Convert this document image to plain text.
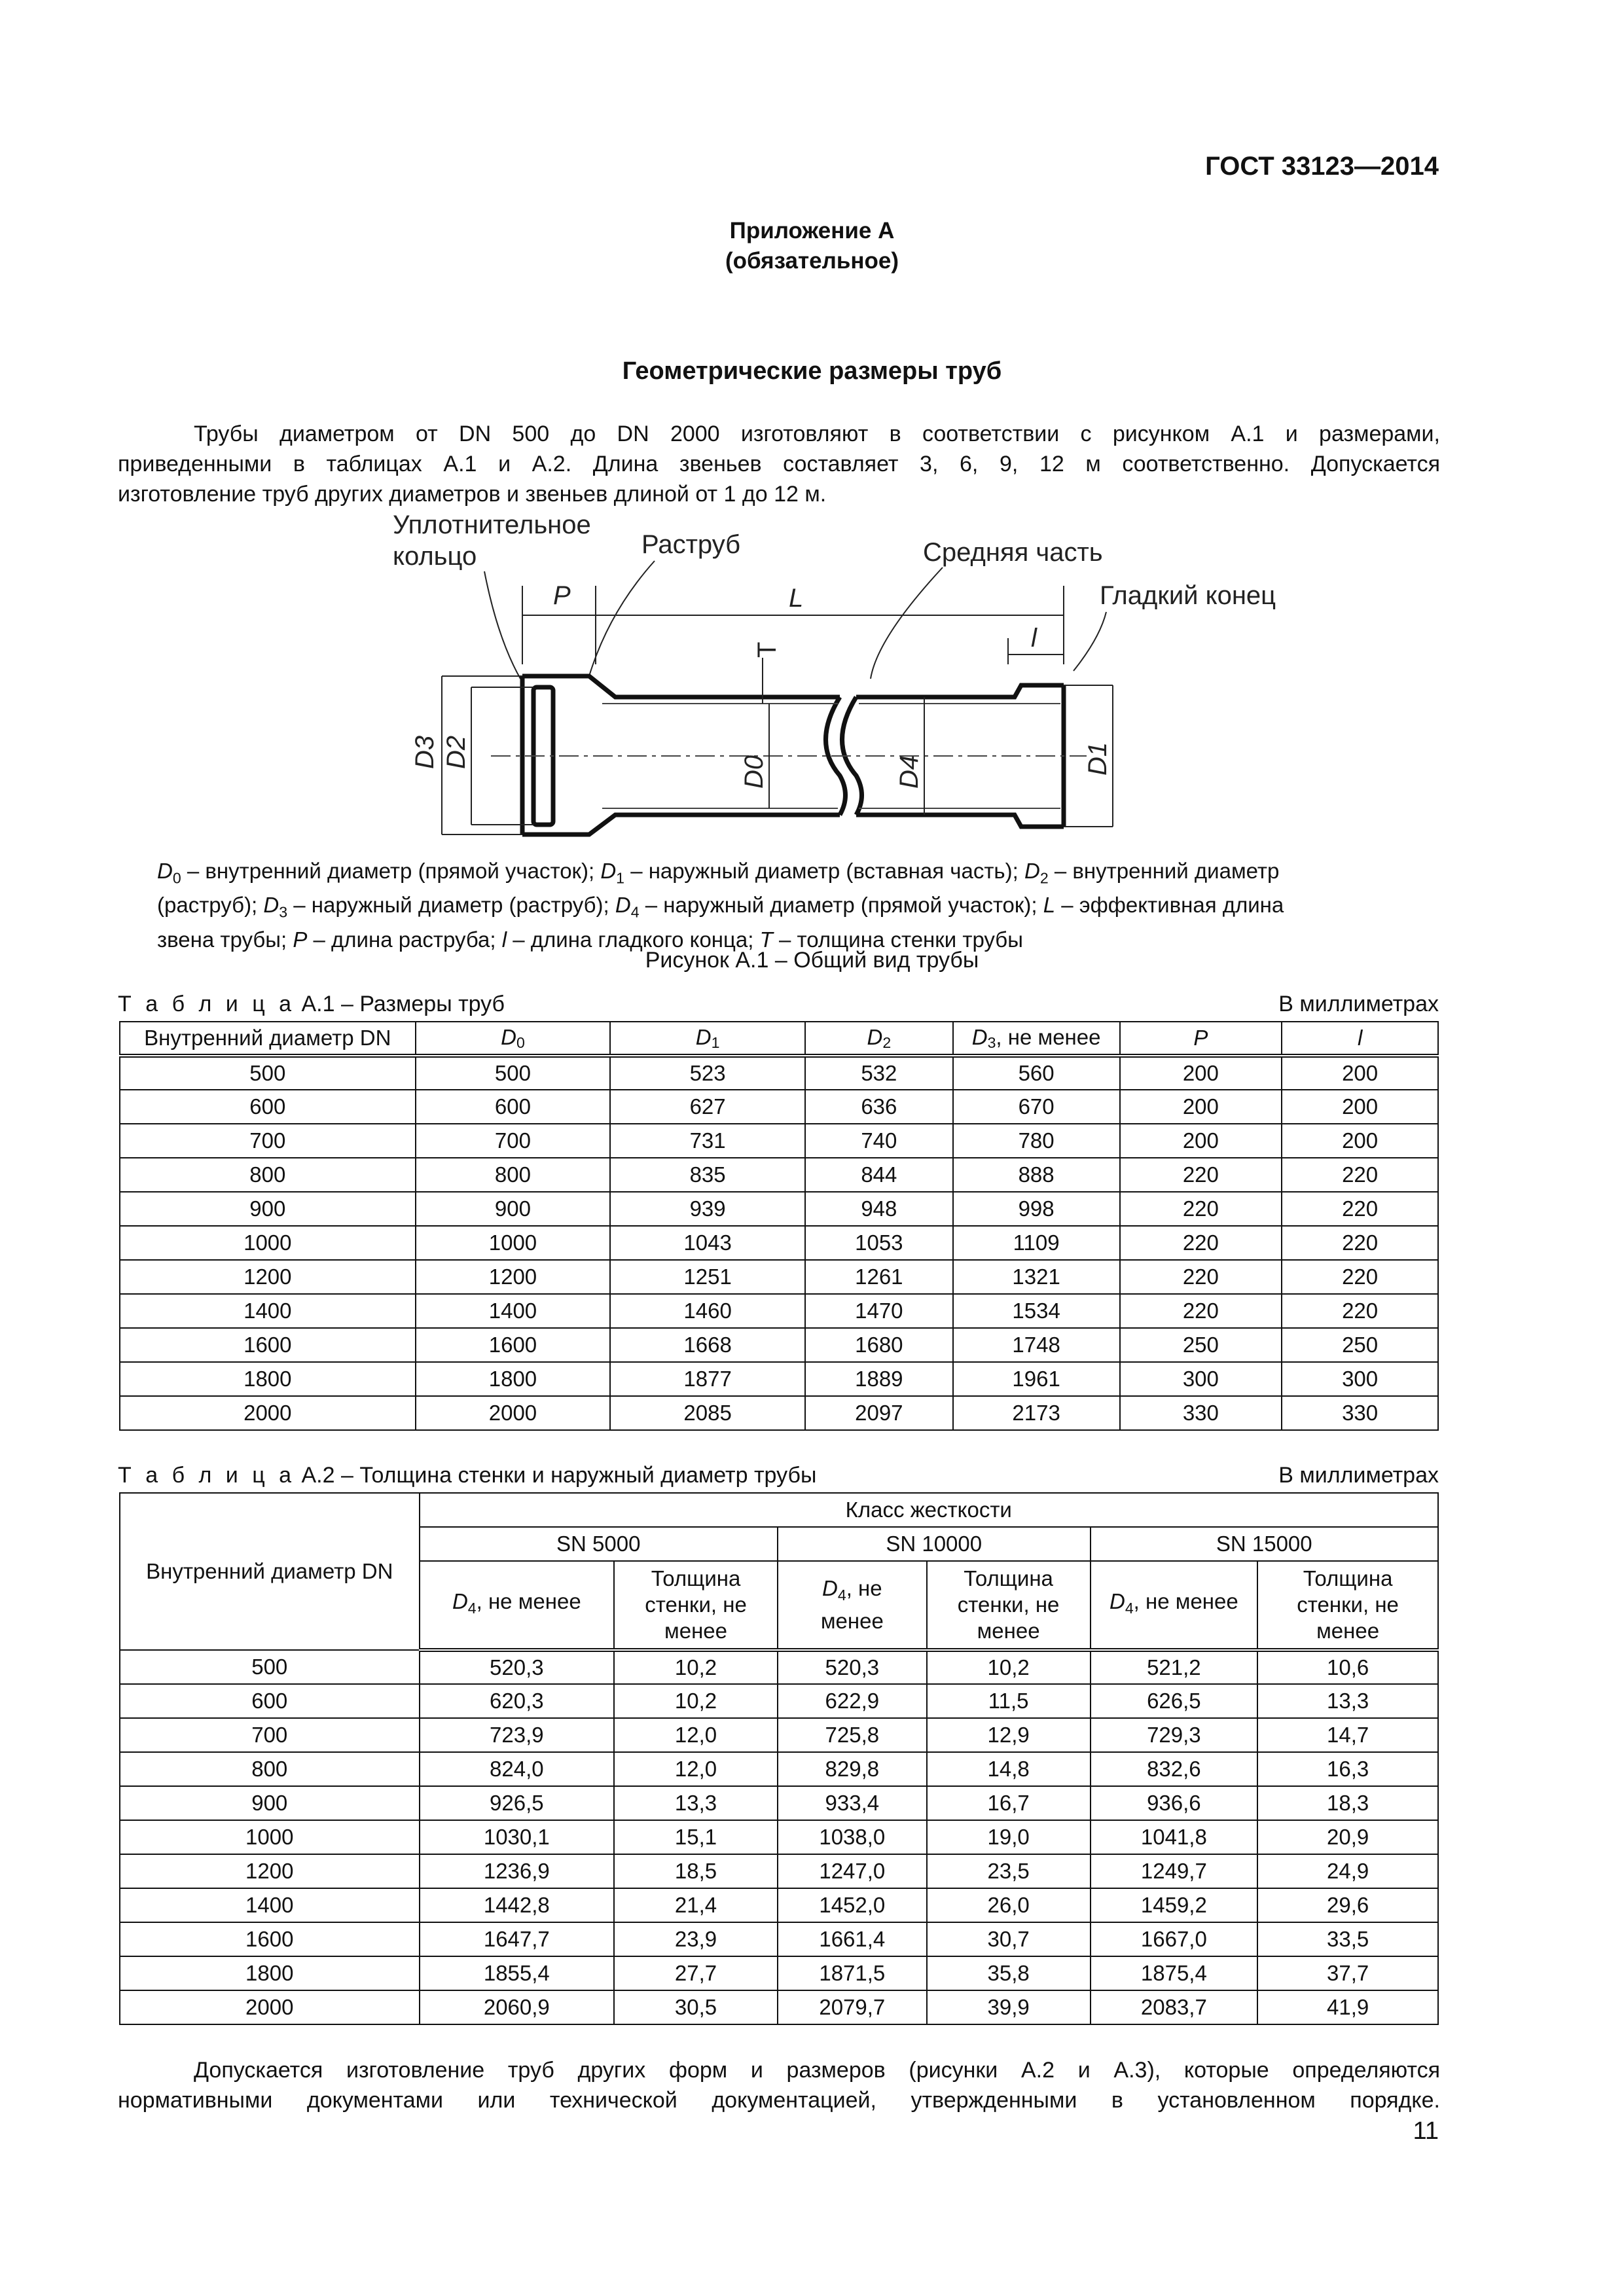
ГОСТ 33123—2014
Приложение А
(обязательное)
Геометрические размеры труб
Трубы диаметром от DN 500 до DN 2000 изготовляют в соответствии с рисунком А.1 и размерами,
приведенными в таблицах А.1 и А.2. Длина звеньев составляет 3, 6, 9, 12 м соответственно. Допускается
изготовление труб других диаметров и звеньев длиной от 1 до 12 м.
Уплотнительное
кольцо	Раструб	Средняя часть
Гладкий конец
P	L
l
T
D3 D2
D0	D4	D1
$D_0$ – внутренний диаметр (прямой участок); $D_1$ – наружный диаметр (вставная часть); $D_2$ – внутренний диаметр
(раструб); $D_3$ – наружный диаметр (раструб); $D_4$ – наружный диаметр (прямой участок); L – эффективная длина
звена трубы; P – длина раструба; l – длина гладкого конца; T – толщина стенки трубы
Рисунок А.1 – Общий вид трубы
Т а б л и ц а А.1 – Размеры труб	В миллиметрах
Внутренний диаметр DN	$D_0$	$D_1$	$D_2$	$D_3$, не менее	P	l
500	500	523	532	560	200	200
600	600	627	636	670	200	200
700	700	731	740	780	200	200
800	800	835	844	888	220	220
900	900	939	948	998	220	220
1000	1000	1043	1053	1109	220	220
1200	1200	1251	1261	1321	220	220
1400	1400	1460	1470	1534	220	220
1600	1600	1668	1680	1748	250	250
1800	1800	1877	1889	1961	300	300
2000	2000	2085	2097	2173	330	330
Т а б л и ц а А.2 – Толщина стенки и наружный диаметр трубы	В миллиметрах
Внутренний диаметр DN	Класс жесткости					
	SN 5000		SN 10000		SN 15000	
	$D_4$, не менее	Толщина
стенки, не
менее	$D_4$, не
менее	Толщина
стенки, не
менее	$D_4$, не менее	Толщина
стенки, не
менее
500	520,3	10,2	520,3	10,2	521,2	10,6
600	620,3	10,2	622,9	11,5	626,5	13,3
700	723,9	12,0	725,8	12,9	729,3	14,7
800	824,0	12,0	829,8	14,8	832,6	16,3
900	926,5	13,3	933,4	16,7	936,6	18,3
1000	1030,1	15,1	1038,0	19,0	1041,8	20,9
1200	1236,9	18,5	1247,0	23,5	1249,7	24,9
1400	1442,8	21,4	1452,0	26,0	1459,2	29,6
1600	1647,7	23,9	1661,4	30,7	1667,0	33,5
1800	1855,4	27,7	1871,5	35,8	1875,4	37,7
2000	2060,9	30,5	2079,7	39,9	2083,7	41,9
Допускается изготовление труб других форм и размеров (рисунки А.2 и А.3), которые определяются
нормативными документами или технической документацией, утвержденными в установленном порядке.
11
